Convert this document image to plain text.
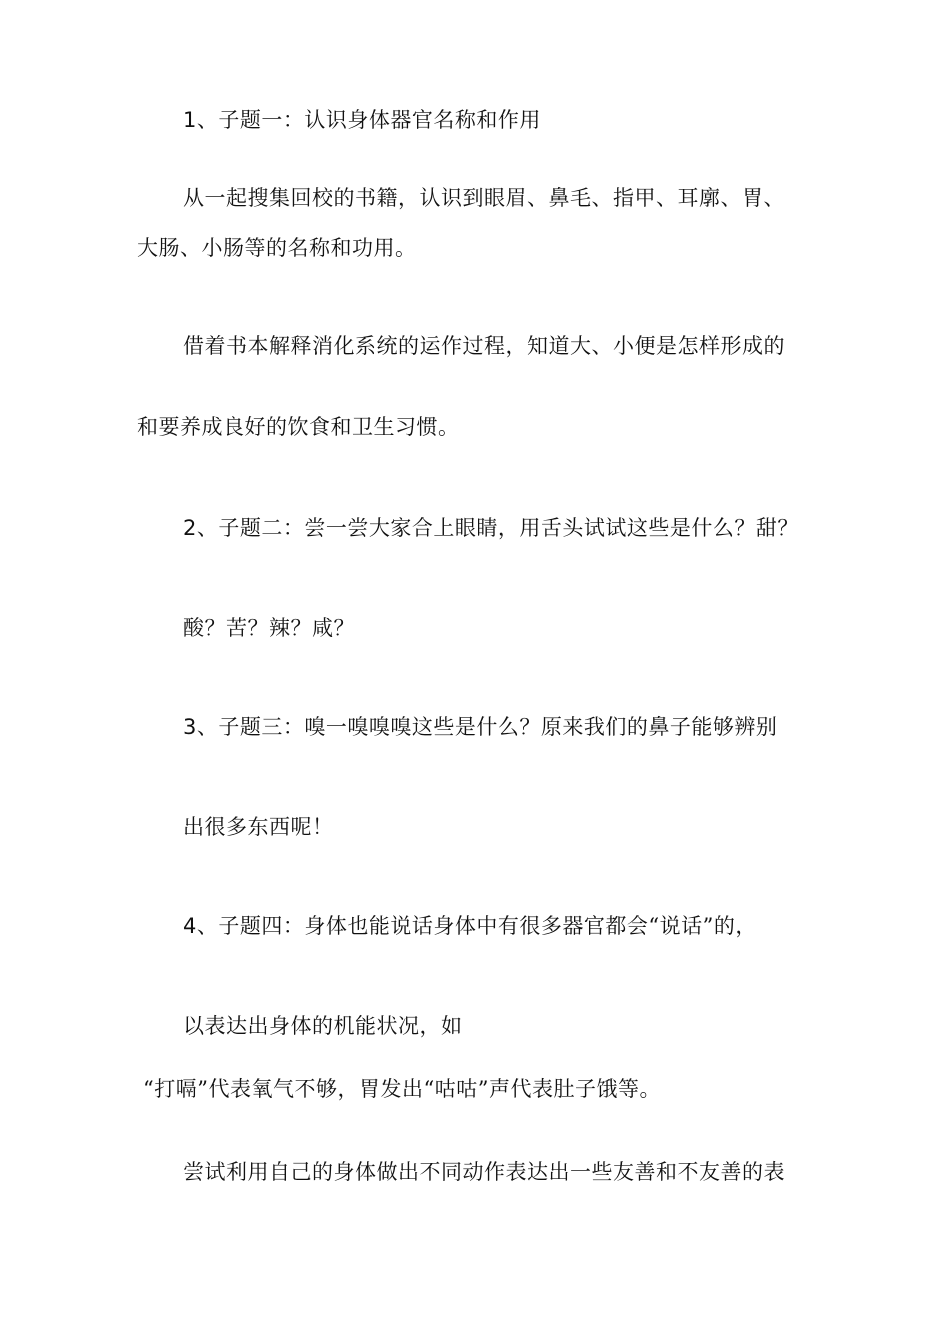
1、子题一：认识身体器官名称和作用
从一起搜集回校的书籍，认识到眼眉、鼻毛、指甲、耳廓、胃、
大肠、小肠等的名称和功用。
借着书本解释消化系统的运作过程，知道大、小便是怎样形成的
和要养成良好的饮食和卫生习惯。
2、子题二：尝一尝大家合上眼睛，用舌头试试这些是什么？甜？
酸？苦？辣？咸？
3、子题三：嗅一嗅嗅嗅这些是什么？原来我们的鼻子能够辨别
出很多东西呢！
4、子题四：身体也能说话身体中有很多器官都会“说话”的，
以表达出身体的机能状况，如
“打嗝”代表氧气不够，胃发出“咕咕”声代表肚子饿等。
尝试利用自己的身体做出不同动作表达出一些友善和不友善的表
